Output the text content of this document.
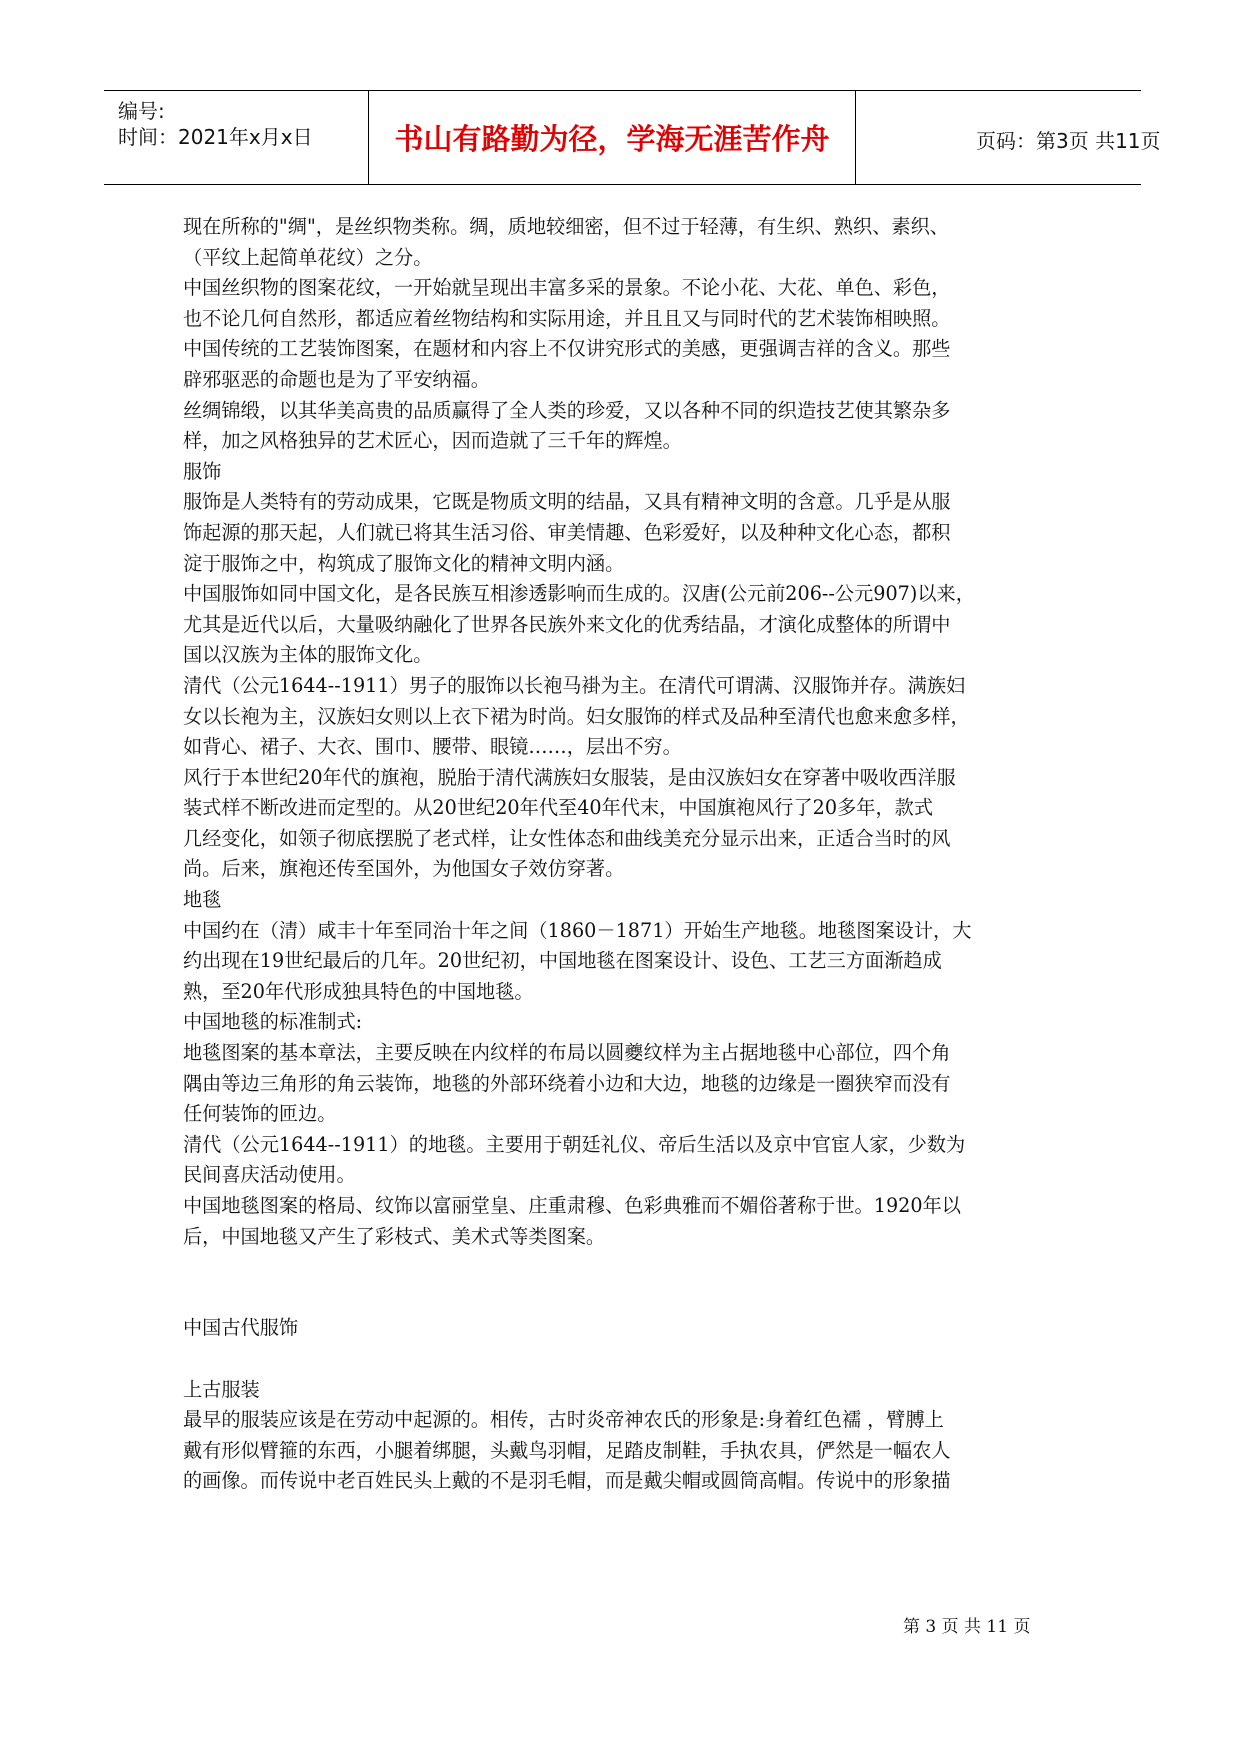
编号:
时间：2021年x月x日	书山有路勤为径，学海无涯苦作舟	页码：第3页 共11页
现在所称的"绸"，是丝织物类称。绸，质地较细密，但不过于轻薄，有生织、熟织、素织、
（平纹上起简单花纹）之分。
中国丝织物的图案花纹，一开始就呈现出丰富多采的景象。不论小花、大花、单色、彩色，
也不论几何自然形，都适应着丝物结构和实际用途，并且且又与同时代的艺术装饰相映照。
中国传统的工艺装饰图案，在题材和内容上不仅讲究形式的美感，更强调吉祥的含义。那些
辟邪驱恶的命题也是为了平安纳福。
丝绸锦缎，以其华美高贵的品质赢得了全人类的珍爱，又以各种不同的织造技艺使其繁杂多
样，加之风格独异的艺术匠心，因而造就了三千年的辉煌。
服饰
服饰是人类特有的劳动成果，它既是物质文明的结晶，又具有精神文明的含意。几乎是从服
饰起源的那天起，人们就已将其生活习俗、审美情趣、色彩爱好，以及种种文化心态，都积
淀于服饰之中，构筑成了服饰文化的精神文明内涵。
中国服饰如同中国文化，是各民族互相渗透影响而生成的。汉唐(公元前206--公元907)以来，
尤其是近代以后，大量吸纳融化了世界各民族外来文化的优秀结晶，才演化成整体的所谓中
国以汉族为主体的服饰文化。
清代（公元1644--1911）男子的服饰以长袍马褂为主。在清代可谓满、汉服饰并存。满族妇
女以长袍为主，汉族妇女则以上衣下裙为时尚。妇女服饰的样式及品种至清代也愈来愈多样，
如背心、裙子、大衣、围巾、腰带、眼镜……，层出不穷。
风行于本世纪20年代的旗袍，脱胎于清代满族妇女服装，是由汉族妇女在穿著中吸收西洋服
装式样不断改进而定型的。从20世纪20年代至40年代末，中国旗袍风行了20多年，款式
几经变化，如领子彻底摆脱了老式样，让女性体态和曲线美充分显示出来，正适合当时的风
尚。后来，旗袍还传至国外，为他国女子效仿穿著。
地毯
中国约在（清）咸丰十年至同治十年之间（1860－1871）开始生产地毯。地毯图案设计，大
约出现在19世纪最后的几年。20世纪初，中国地毯在图案设计、设色、工艺三方面渐趋成
熟，至20年代形成独具特色的中国地毯。
中国地毯的标准制式:
地毯图案的基本章法，主要反映在内纹样的布局以圆夔纹样为主占据地毯中心部位，四个角
隅由等边三角形的角云装饰，地毯的外部环绕着小边和大边，地毯的边缘是一圈狭窄而没有
任何装饰的匝边。
清代（公元1644--1911）的地毯。主要用于朝廷礼仪、帝后生活以及京中官宦人家，少数为
民间喜庆活动使用。
中国地毯图案的格局、纹饰以富丽堂皇、庄重肃穆、色彩典雅而不媚俗著称于世。1920年以
后，中国地毯又产生了彩枝式、美术式等类图案。
中国古代服饰
上古服装
最早的服装应该是在劳动中起源的。相传，古时炎帝神农氏的形象是:身着红色襦 ，臂膊上
戴有形似臂箍的东西，小腿着绑腿，头戴鸟羽帽，足踏皮制鞋，手执农具，俨然是一幅农人
的画像。而传说中老百姓民头上戴的不是羽毛帽，而是戴尖帽或圆筒高帽。传说中的形象描
第 3 页 共 11 页
